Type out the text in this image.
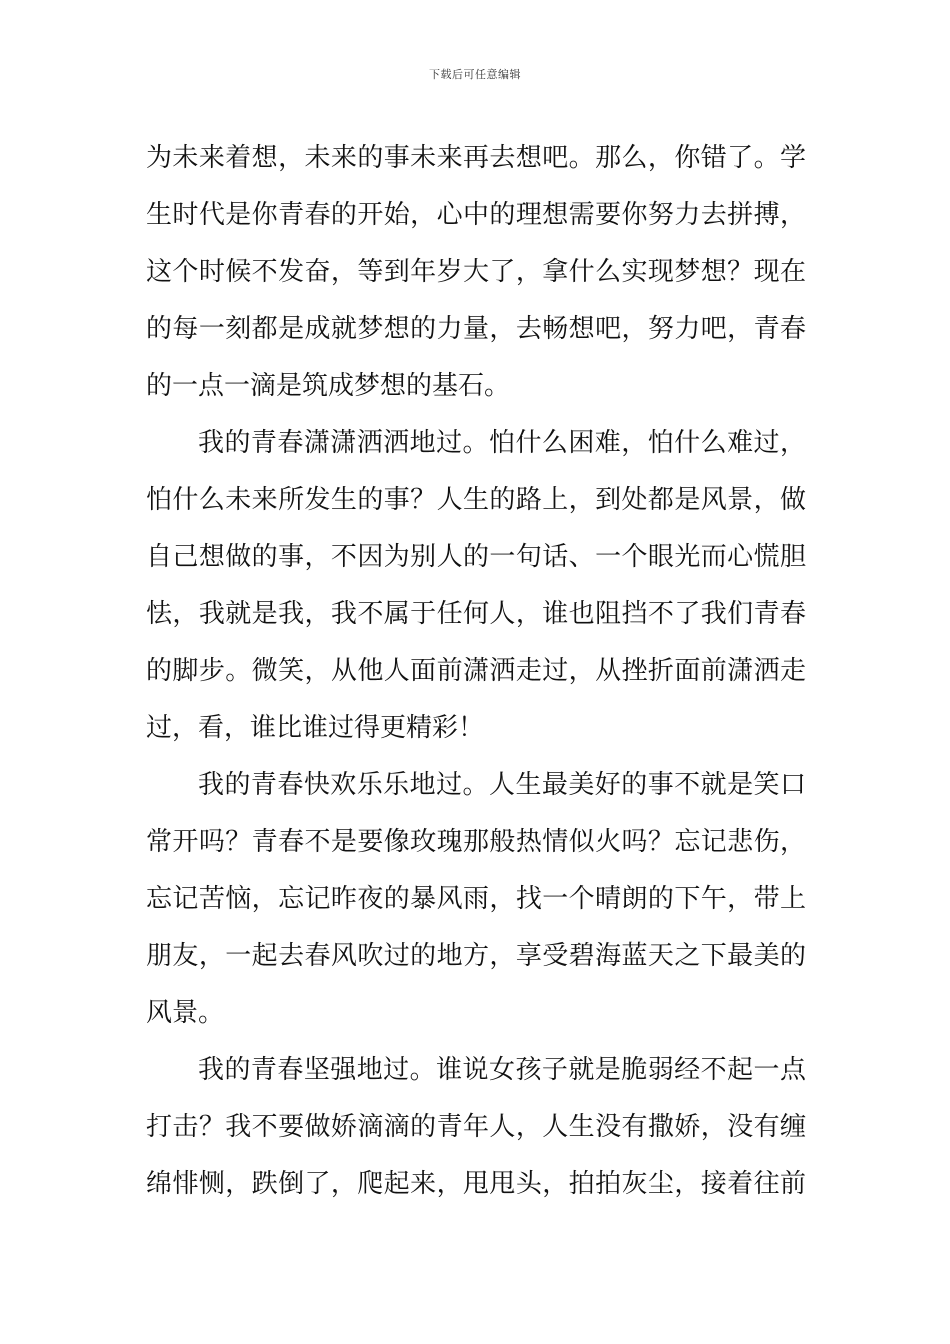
下载后可任意编辑
为未来着想，未来的事未来再去想吧。那么，你错了。学
生时代是你青春的开始，心中的理想需要你努力去拼搏，
这个时候不发奋，等到年岁大了，拿什么实现梦想？现在
的每一刻都是成就梦想的力量，去畅想吧，努力吧，青春
的一点一滴是筑成梦想的基石。
我的青春潇潇洒洒地过。怕什么困难，怕什么难过，
怕什么未来所发生的事？人生的路上，到处都是风景，做
自己想做的事，不因为别人的一句话、一个眼光而心慌胆
怯，我就是我，我不属于任何人，谁也阻挡不了我们青春
的脚步。微笑，从他人面前潇洒走过，从挫折面前潇洒走
过，看，谁比谁过得更精彩！
我的青春快欢乐乐地过。人生最美好的事不就是笑口
常开吗？青春不是要像玫瑰那般热情似火吗？忘记悲伤，
忘记苦恼，忘记昨夜的暴风雨，找一个晴朗的下午，带上
朋友，一起去春风吹过的地方，享受碧海蓝天之下最美的
风景。
我的青春坚强地过。谁说女孩子就是脆弱经不起一点
打击？我不要做娇滴滴的青年人，人生没有撒娇，没有缠
绵悱恻，跌倒了，爬起来，甩甩头，拍拍灰尘，接着往前
